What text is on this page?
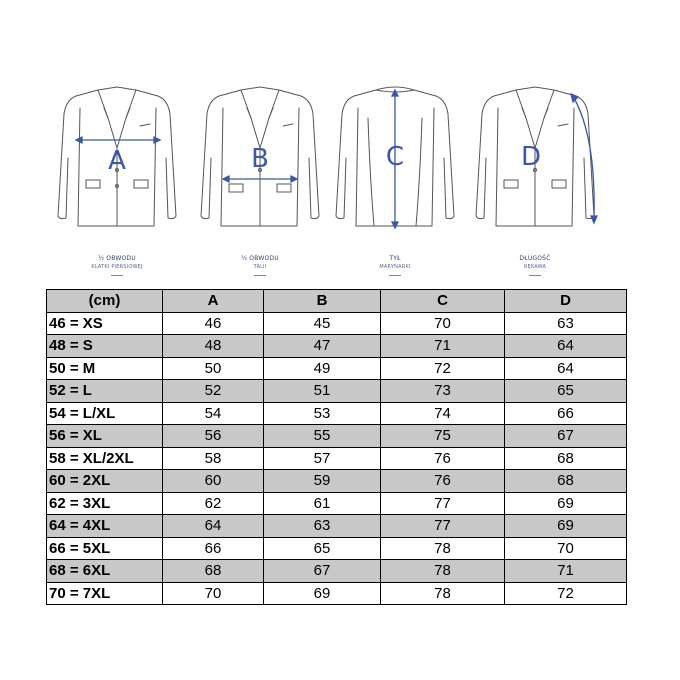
A
½ OBWODU
KLATKI PIERSIOWEJ
B
½ OBWODU
TALII
C
TYŁ
MARYNARKI
D
DŁUGOŚĆ
RĘKAWA
(cm)	A	B	C	D
46 = XS	46	45	70	63
48 = S	48	47	71	64
50 = M	50	49	72	64
52 = L	52	51	73	65
54 = L/XL	54	53	74	66
56 = XL	56	55	75	67
58 = XL/2XL	58	57	76	68
60 = 2XL	60	59	76	68
62 = 3XL	62	61	77	69
64 = 4XL	64	63	77	69
66 = 5XL	66	65	78	70
68 = 6XL	68	67	78	71
70 = 7XL	70	69	78	72
